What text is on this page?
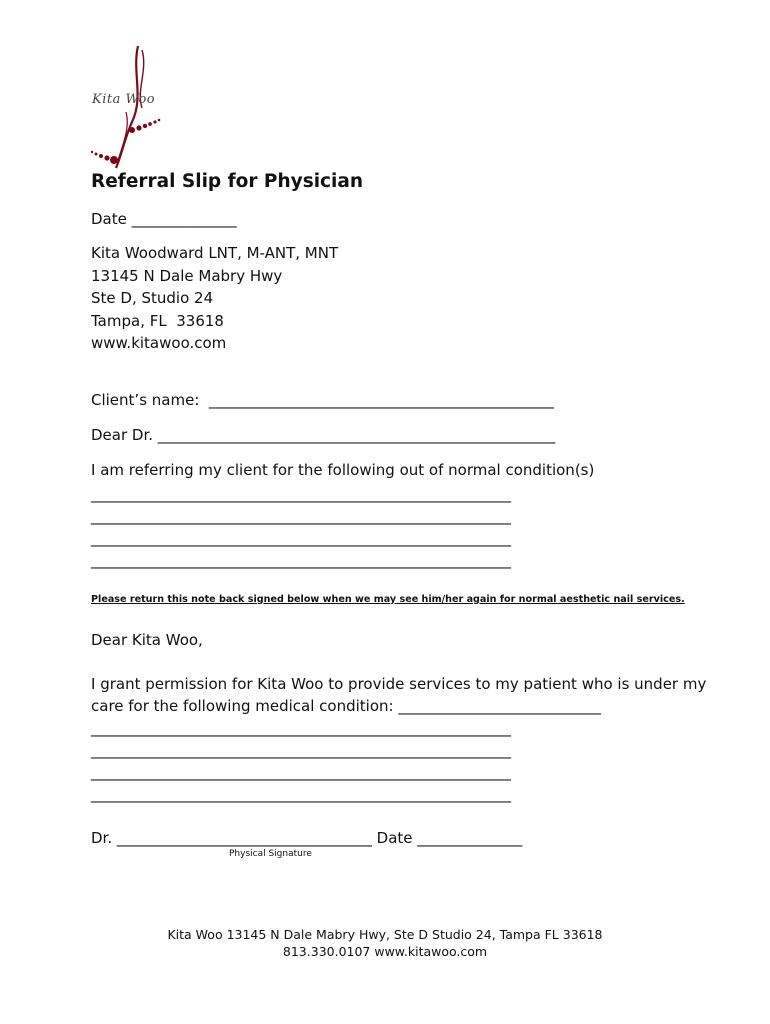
Kita Woo
Referral Slip for Physician
Date ______________
Kita Woodward LNT, M-ANT, MNT
13145 N Dale Mabry Hwy
Ste D, Studio 24
Tampa, FL  33618
www.kitawoo.com
Client’s name:  ______________________________________________
Dear Dr. _____________________________________________________
I am referring my client for the following out of normal condition(s)
________________________________________________________
________________________________________________________
________________________________________________________
________________________________________________________
Please return this note back signed below when we may see him/her again for normal aesthetic nail services.
Dear Kita Woo,
I grant permission for Kita Woo to provide services to my patient who is under my
care for the following medical condition: ___________________________
________________________________________________________
________________________________________________________
________________________________________________________
________________________________________________________
Dr. __________________________________ Date ______________
Physical Signature
Kita Woo 13145 N Dale Mabry Hwy, Ste D Studio 24, Tampa FL 33618
813.330.0107 www.kitawoo.com
